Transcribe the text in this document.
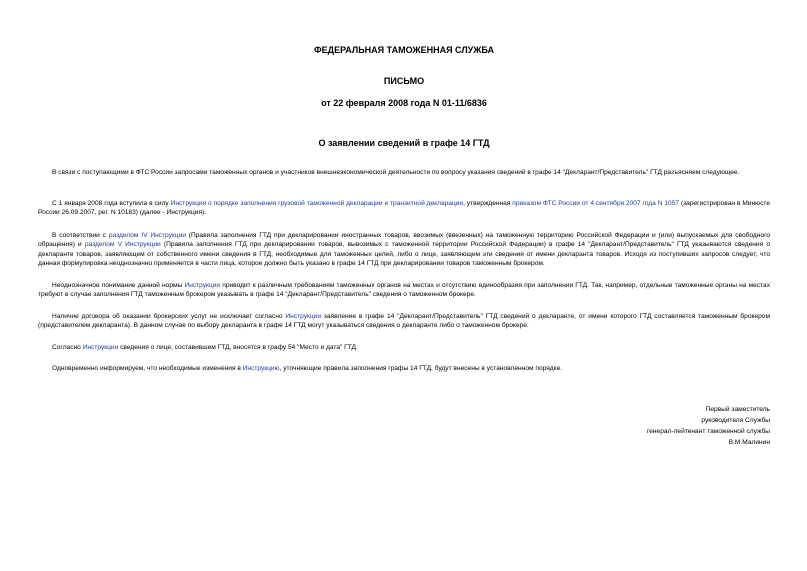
ФЕДЕРАЛЬНАЯ ТАМОЖЕННАЯ СЛУЖБА
ПИСЬМО
от 22 февраля 2008 года N 01-11/6836
О заявлении сведений в графе 14 ГТД

В связи с поступающими в ФТС России запросами таможенных органов и участников внешнеэкономической деятельности по вопросу указания сведений в графе 14 "Декларант/Представитель" ГТД разъясняем следующее.

С 1 января 2008 года вступила в силу Инструкция о порядке заполнения грузовой таможенной декларации и транзитной декларации, утвержденная приказом ФТС России от 4 сентября 2007 года N 1057 (зарегистрирован в Минюсте России 26.09.2007, рег. N 10183) (далее - Инструкция).

В соответствии с разделом IV Инструкции (Правила заполнения ГТД при декларировании иностранных товаров, ввозимых (ввезенных) на таможенную территорию Российской Федерации и (или) выпускаемых для свободного обращения) и разделом V Инструкции (Правила заполнения ГТД при декларировании товаров, вывозимых с таможенной территории Российской Федерации) в графе 14 "Декларант/Представитель" ГТД указываются сведения о декларанте товаров, заявляющем от собственного имени сведения в ГТД, необходимые для таможенных целей, либо о лице, заявляющем эти сведения от имени декларанта товаров. Исходя из поступивших запросов следует, что данная формулировка неоднозначно применяется в части лица, которое должно быть указано в графе 14 ГТД при декларировании товаров таможенным брокером.

Неоднозначное понимание данной нормы Инструкции приводит к различным требованиям таможенных органов на местах и отсутствию единообразия при заполнении ГТД. Так, например, отдельные таможенные органы на местах требуют в случае заполнения ГТД таможенным брокером указывать в графе 14 "Декларант/Представитель" сведения о таможенном брокере.

Наличие договора об оказании брокерских услуг не исключает согласно Инструкции заявление в графе 14 "Декларант/Представитель" ГТД сведений о декларанте, от имени которого ГТД составляется таможенным брокером (представителем декларанта). В данном случае по выбору декларанта в графе 14 ГТД могут указываться сведения о декларанте либо о таможенном брокере.

Согласно Инструкции сведения о лице, составившем ГТД, вносятся в графу 54 "Место и дата" ГТД.

Одновременно информируем, что необходимые изменения в Инструкцию, уточняющие правила заполнения графы 14 ГТД, будут внесены в установленном порядке.

Первый заместитель
руководителя Службы
генерал-лейтенант таможенной службы
В.М.Малинин
